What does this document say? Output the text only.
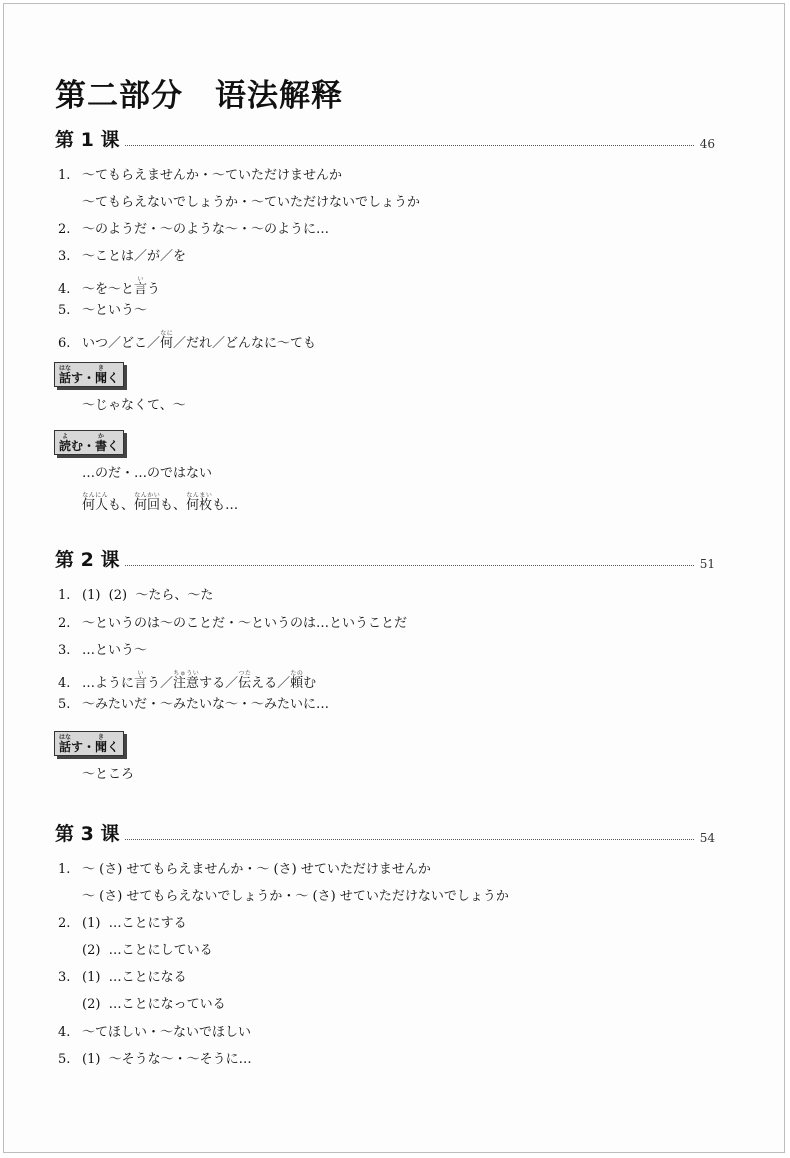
第二部分　语法解释
第 1 课	46
1. ～てもらえませんか・～ていただけませんか
～てもらえないでしょうか・～ていただけないでしょうか
2. ～のようだ・～のような～・～のように…
3. ～ことは／が／を
4. ～を～と言いう
5. ～という～
6. いつ／どこ／何なに／だれ／どんなに～ても
話はなす・聞きく
～じゃなくて、～
読よむ・書かく
…のだ・…のではない
何人なんにんも、何回なんかいも、何枚なんまいも…
第 2 课	51
1. (1)  (2)  ～たら、～た
2. ～というのは～のことだ・～というのは…ということだ
3. …という～
4. …ように言いう／注意ちゅういする／伝つたえる／頼たのむ
5. ～みたいだ・～みたいな～・～みたいに…
話はなす・聞きく
～ところ
第 3 课	54
1. ～ (さ) せてもらえませんか・～ (さ) せていただけませんか
～ (さ) せてもらえないでしょうか・～ (さ) せていただけないでしょうか
2. (1)  …ことにする
(2)  …ことにしている
3. (1)  …ことになる
(2)  …ことになっている
4. ～てほしい・～ないでほしい
5. (1)  ～そうな～・～そうに…
